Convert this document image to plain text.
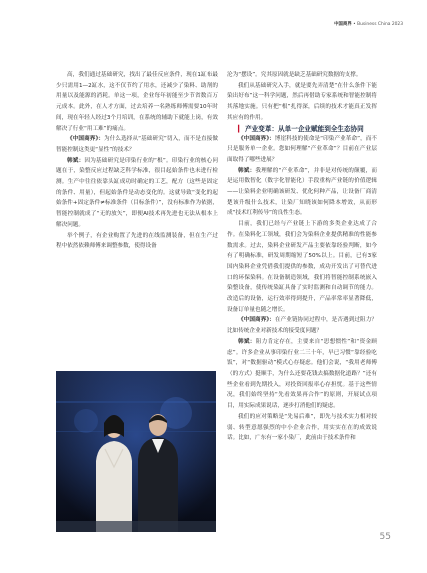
中国商界 • Business China 2023

高，我们通过基础研究，找出了最佳反应条件，现在1缸布最少只需用1—2缸水，这不仅节约了用水，还减少了染料、助剂的用量以及能源的消耗。单这一项，企业每年初能至少节省数百万元成本。此外，在人才方面，过去培养一名熟练师傅需要10年时间，现在年轻人经过3个月培训，在系统的辅助下就能上岗，有效解决了行业“用工难”的痛点。

《中国商界》：为什么选择从“基础研究”切入，而不是直接做智能控制这类更“显性”的技术？

韩斌：因为基础研究是印染行业的“根”。印染行业的核心问题在于，染整反应过程缺乏科学标准，很目起始条件也未进行检测。生产中往往依靠头缸成功时确定的工艺，配方（这些是固定的条件、用量），但起始条件是动态变化的。这就导致“变化的起始条件+固定条件≠标准条件（目标条件）”，没有标准作为依据，智能控制就成了“无的放矢”，即便AI技术再先进也无法从根本上解决问题。

举个例子，有企业购置了先进的在线监测装备，但在生产过程中依然依赖师傅来调整参数，使得设备

沦为“摆设”。究其原因就是缺乏基础研究数据的支撑。

我们从基础研究入手，就是要先弄清楚“在什么条件下能染出好布”这一科学问题，然后再借助专家系统和智能控制将其落地实施。只有把“根”扎得深，后续的技术才能真正发挥其应有的作用。

▎ 产业变革：从单一企业赋能到全生态协同

《中国商界》：博崖科技的使命是“印染产业革命”，而不只是服务单一企业。您如何理解“产业革命”？目前在产业层面取得了哪些进展？

韩斌：我理解的“产业革命”，并非是对传统的颠覆，而是运用数智化（数字化智能化）手段重构产业链的价值逻辑——让染料企业明确该研发、优化何种产品，让设备厂商清楚该升级什么技术，让染厂知晓该如何降本增效，从而形成“技术红利传导”的良性生态。

目前，我们已经与产业链上下游的多类企业达成了合作。在染料化工领域，我们会为染料企业提供精准的性能参数需求。过去，染料企业研发产品主要依靠经验判断，如今有了明确标准，研发周期缩短了50%以上。目前，已有3家国内染料企业凭借我们提供的参数，成功开发出了可替代进口的环保染料。在设备制造领域，我们将智能控制系统嵌入染整设备，使传统染缸具备了实时监测和自动调节的能力。改造后的设备，运行效率得到提升，产品率常率显著降低，设备订单量也随之增长。

《中国商界》：在产业链协同过程中，是否遇到过阻力？比如传统企业对新技术的接受度问题？

韩斌：阻力肯定存在，主要来自“思想惯性”和“资金顾虑”。许多企业从事印染行业二三十年，早已习惯“靠经验吃饭”，对“数据驱动”模式心存疑虑。他们会说，“我用老师傅（的方式）挺顺手，为什么还要花钱去搞数据化道路？”还有些企业看到先期投入，对投资回报率心存担忧。基于这些情况，我们始终坚持“先看效果再合作”的原则，开展试点项目，用实际成果说话，逐步打消他们的疑虑。

我们的应对策略是“先易后难”，即先与技术实力相对较弱、转型意愿强烈的中小企业合作，用实实在在的成效说话。比如，广东有一家小染厂，此前由于技术条件和

55
